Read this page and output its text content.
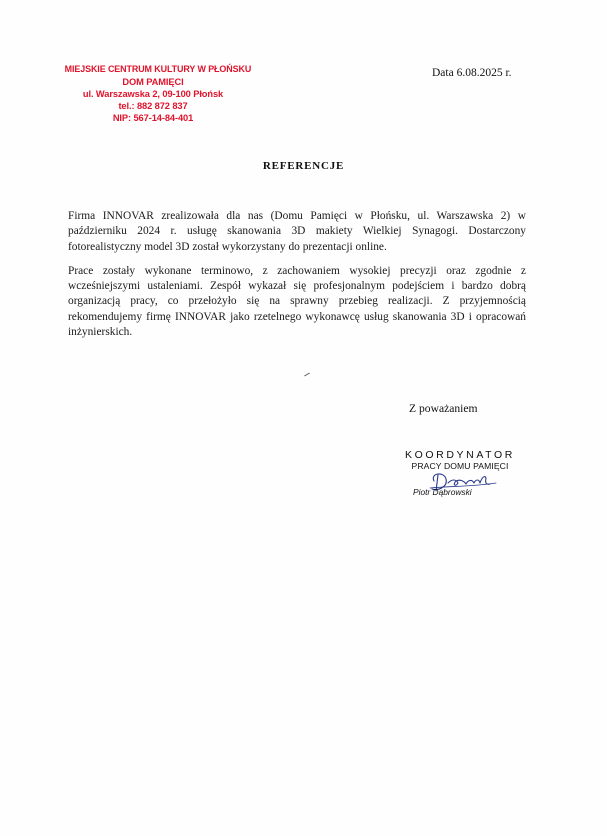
MIEJSKIE CENTRUM KULTURY W PŁOŃSKU
DOM PAMIĘCI
ul. Warszawska 2, 09-100 Płońsk
tel.: 882 872 837
NIP: 567-14-84-401
Data 6.08.2025 r.
REFERENCJE

Firma INNOVAR zrealizowała dla nas (Domu Pamięci w Płońsku, ul. Warszawska 2) w październiku 2024 r. usługę skanowania 3D makiety Wielkiej Synagogi. Dostarczony fotorealistyczny model 3D został wykorzystany do prezentacji online.

Prace zostały wykonane terminowo, z zachowaniem wysokiej precyzji oraz zgodnie z wcześniejszymi ustaleniami. Zespół wykazał się profesjonalnym podejściem i bardzo dobrą organizacją pracy, co przełożyło się na sprawny przebieg realizacji. Z przyjemnością rekomendujemy firmę INNOVAR jako rzetelnego wykonawcę usług skanowania 3D i opracowań inżynierskich.

Z poważaniem
KOORDYNATOR
PRACY DOMU PAMIĘCI
Piotr Dąbrowski
